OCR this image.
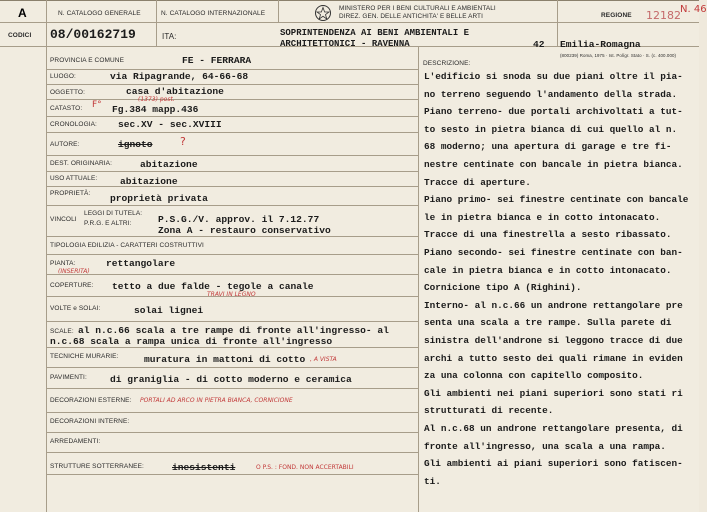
A
CODICI
N. CATALOGO GENERALE
08/00162719
N. CATALOGO INTERNAZIONALE
ITA:
MINISTERO PER I BENI CULTURALI E AMBIENTALI
DIREZ. GEN. DELLE ANTICHITA' E BELLE ARTI
SOPRINTENDENZA AI BENI AMBIENTALI E
ARCHITETTONICI - RAVENNA	42
REGIONE 12182 N. 46
Emilia-Romagna
(800239) Roma, 1975 · Ist. Polígr. Stato · S. (c. 400.000)
PROVINCIA E COMUNE	FE - FERRARA
LUOGO:	via Ripagrande, 64-66-68
OGGETTO:	casa d'abitazione
CATASTO: F°
(1373) post.
Fg.384 mapp.436
CRONOLOGIA: sec.XV - sec.XVIII
AUTORE:	ignoto ?
DEST. ORIGINARIA:	abitazione
USO ATTUALE: abitazione
PROPRIETÀ: proprietà privata
VINCOLI
LEGGI DI TUTELA:
P.R.G. E ALTRI:	P.S.G./V. approv. il 7.12.77
Zona A - restauro conservativo
TIPOLOGIA EDILIZIA - CARATTERI COSTRUTTIVI
PIANTA:
(INSERITA)
rettangolare
COPERTURE: tetto a due falde - tegole a canale
TRAVI IN LEGNO
VOLTE e SOLAI:	solai lignei
SCALE: al n.c.66 scala a tre rampe di fronte all'ingresso- al
n.c.68 scala a rampa unica di fronte all'ingresso
TECNICHE MURARIE:	muratura in mattoni di cotto , A VISTA
PAVIMENTI: di graniglia - di cotto moderno e ceramica
DECORAZIONI ESTERNE: PORTALI AD ARCO IN PIETRA BIANCA, CORNICIONE
DECORAZIONI INTERNE:
ARREDAMENTI:
STRUTTURE SOTTERRANEE:	inesistenti	O P.S. : FOND. NON ACCERTABILI
DESCRIZIONE:
L'edificio si snoda su due piani oltre il pia-
no terreno seguendo l'andamento della strada.
Piano terreno- due portali archivoltati a tut-
to sesto in pietra bianca di cui quello al n.
68 moderno; una apertura di garage e tre fi-
nestre centinate con bancale in pietra bianca.
Tracce di aperture.
Piano primo- sei finestre centinate con bancale
le in pietra bianca e in cotto intonacato.
Tracce di una finestrella a sesto ribassato.
Piano secondo- sei finestre centinate con ban-
cale in pietra bianca e in cotto intonacato.
Cornicione tipo A (Righini).
Interno- al n.c.66 un androne rettangolare pre
senta una scala a tre rampe. Sulla parete di
sinistra dell'androne si leggono tracce di due
archi a tutto sesto dei quali rimane in eviden
za una colonna con capitello composito.
Gli ambienti nei piani superiori sono stati ri
strutturati di recente.
Al n.c.68 un androne rettangolare presenta, di
fronte all'ingresso, una scala a una rampa.
Gli ambienti ai piani superiori sono fatiscen-
ti.
